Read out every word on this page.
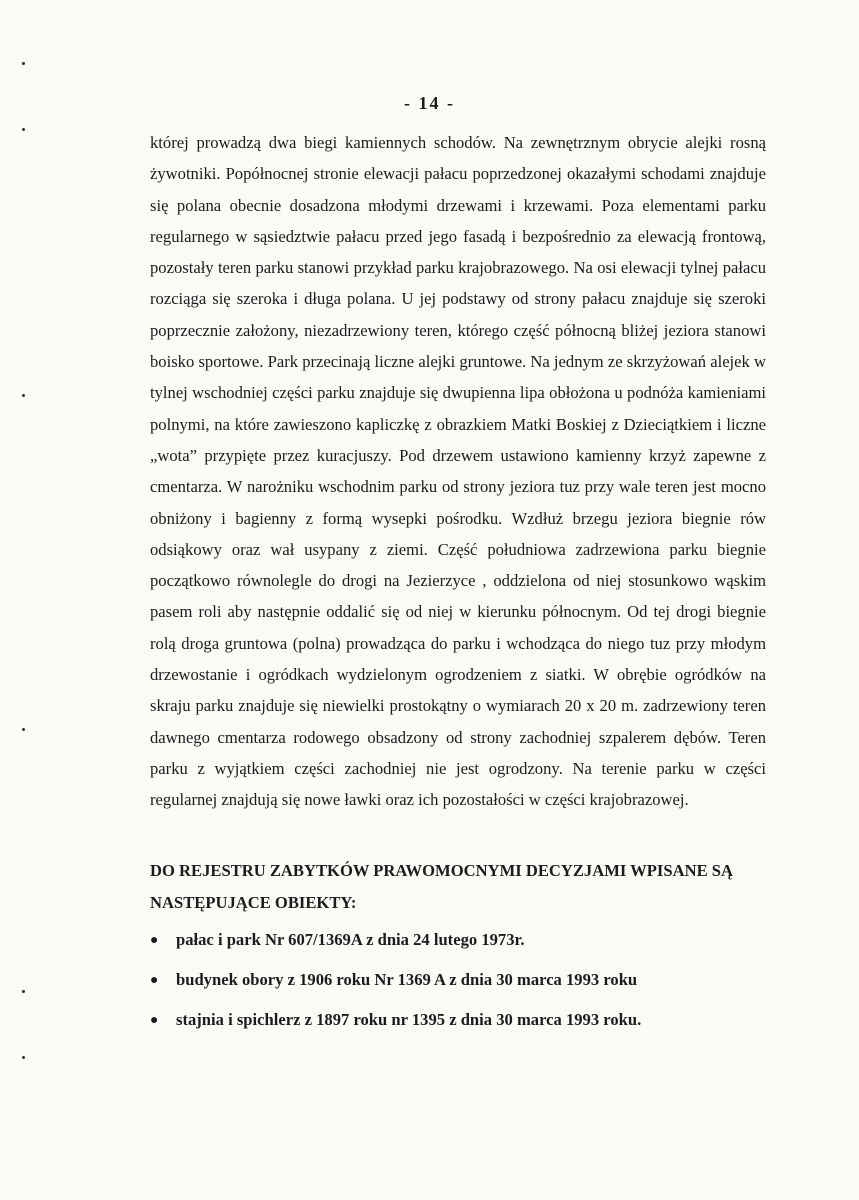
- 14 -

której prowadzą dwa biegi kamiennych schodów. Na zewnętrznym obrycie alejki rosną żywotniki. Popółnocnej stronie elewacji pałacu poprzedzonej okazałymi schodami znajduje się polana obecnie dosadzona młodymi drzewami i krzewami. Poza elementami parku regularnego w sąsiedztwie pałacu przed jego fasadą i bezpośrednio za elewacją frontową, pozostały teren parku stanowi przykład parku krajobrazowego. Na osi elewacji tylnej pałacu rozciąga się szeroka i długa polana. U jej podstawy od strony pałacu znajduje się szeroki poprzecznie założony, niezadrzewiony teren, którego część północną bliżej jeziora stanowi boisko sportowe. Park przecinają liczne alejki gruntowe. Na jednym ze skrzyżowań alejek w tylnej wschodniej części parku znajduje się dwupienna lipa obłożona u podnóża kamieniami polnymi, na które zawieszono kapliczkę z obrazkiem Matki Boskiej z Dzieciątkiem i liczne „wota” przypięte przez kuracjuszy. Pod drzewem ustawiono kamienny krzyż zapewne z cmentarza. W narożniku wschodnim parku od strony jeziora tuz przy wale teren jest mocno obniżony i bagienny z formą wysepki pośrodku. Wzdłuż brzegu jeziora biegnie rów odsiąkowy oraz wał usypany z ziemi. Część południowa zadrzewiona parku biegnie początkowo równolegle do drogi na Jezierzyce , oddzielona od niej stosunkowo wąskim pasem roli aby następnie oddalić się od niej w kierunku północnym. Od tej drogi biegnie rolą droga gruntowa (polna) prowadząca do parku i wchodząca do niego tuz przy młodym drzewostanie i ogródkach wydzielonym ogrodzeniem z siatki. W obrębie ogródków na skraju parku znajduje się niewielki prostokątny o wymiarach 20 x 20 m. zadrzewiony teren dawnego cmentarza rodowego obsadzony od strony zachodniej szpalerem dębów. Teren parku z wyjątkiem części zachodniej nie jest ogrodzony. Na terenie parku w części regularnej znajdują się nowe ławki oraz ich pozostałości w części krajobrazowej.

DO REJESTRU ZABYTKÓW PRAWOMOCNYMI DECYZJAMI WPISANE SĄ NASTĘPUJĄCE OBIEKTY:

● pałac i park Nr 607/1369A z dnia 24 lutego 1973r.
● budynek obory z 1906 roku Nr 1369 A z dnia 30 marca 1993 roku
● stajnia i spichlerz z 1897 roku nr 1395 z dnia 30 marca 1993 roku.
